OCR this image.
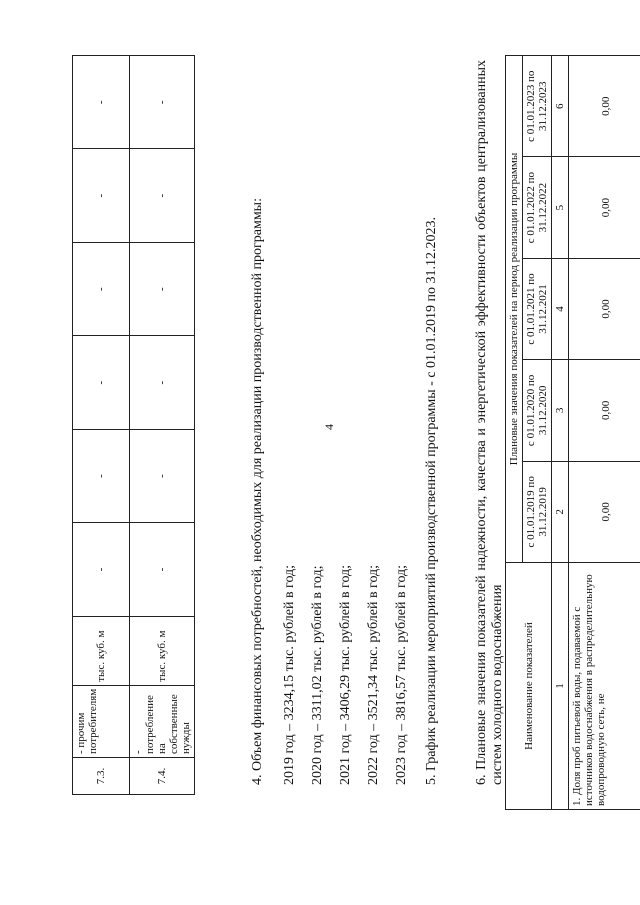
4
7.3.	- прочим потребителям	тыс. куб. м	-	-	-	-	-	-
7.4.	- потребление на собственные нужды	тыс. куб. м	-	-	-	-	-	-
4. Объем финансовых потребностей, необходимых для реализации производственной программы: 2019 год – 3234,15 тыс. рублей в год; 2020 год – 3311,02 тыс. рублей в год; 2021 год – 3406,29 тыс. рублей в год; 2022 год – 3521,34 тыс. рублей в год; 2023 год – 3816,57 тыс. рублей в год; 5. График реализации мероприятий производственной программы - с 01.01.2019 по 31.12.2023.	6. Плановые значения показателей надежности, качества и энергетической эффективности объектов централизованных систем холодного водоснабжения Наименование показателей	Плановые значения показателей на период реализации программы				
	с 01.01.2019 по 31.12.2019	с 01.01.2020 по 31.12.2020	с 01.01.2021 по 31.12.2021	с 01.01.2022 по 31.12.2022	с 01.01.2023 по 31.12.2023
1	2	3	4	5	6
1. Доля проб питьевой воды, подаваемой с источников водоснабжения в распределительную водопроводную сеть, не	0,00	0,00	0,00	0,00	0,00
